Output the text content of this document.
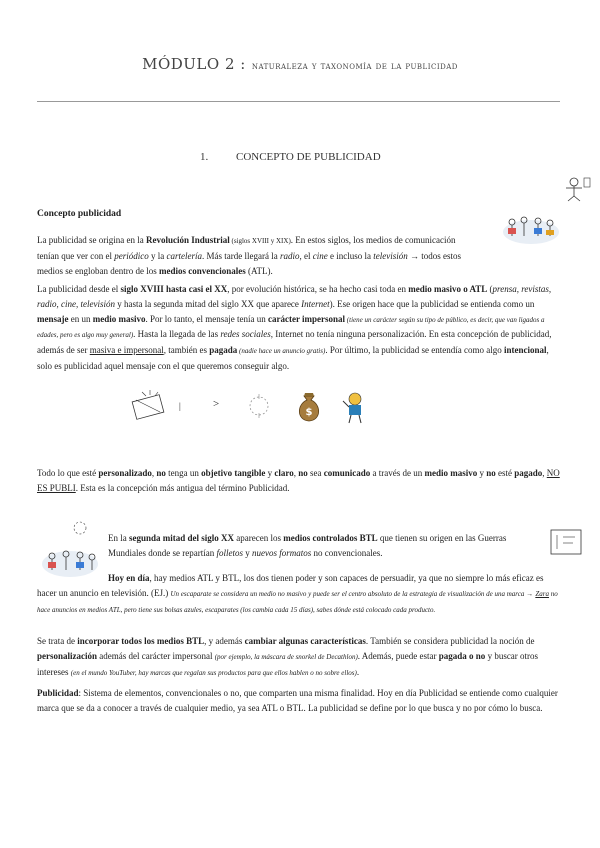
MÓDULO 2 : naturaleza y taxonomía de la publicidad
1.	CONCEPTO DE PUBLICIDAD
Concepto publicidad
La publicidad se origina en la Revolución Industrial (siglos XVIII y XIX). En estos siglos, los medios de comunicación tenían que ver con el periódico y la cartelería. Más tarde llegará la radio, el cine e incluso la televisión → todos estos medios se engloban dentro de los medios convencionales (ATL).
La publicidad desde el siglo XVIII hasta casi el XX, por evolución histórica, se ha hecho casi toda en medio masivo o ATL (prensa, revistas, radio, cine, televisión y hasta la segunda mitad del siglo XX que aparece Internet). Ese origen hace que la publicidad se entienda como un mensaje en un medio masivo. Por lo tanto, el mensaje tenía un carácter impersonal (tiene un carácter según su tipo de público, es decir, que van ligados a edades, pero es algo muy general). Hasta la llegada de las redes sociales, Internet no tenía ninguna personalización. En esta concepción de publicidad, además de ser masiva e impersonal, también es pagada (nadie hace un anuncio gratis). Por último, la publicidad se entendía como algo intencional, solo es publicidad aquel mensaje con el que queremos conseguir algo.
|	>
$
Todo lo que esté personalizado, no tenga un objetivo tangible y claro, no sea comunicado a través de un medio masivo y no esté pagado, NO ES PUBLI. Esta es la concepción más antigua del término Publicidad.
En la segunda mitad del siglo XX aparecen los medios controlados BTL que tienen su origen en las Guerras Mundiales donde se repartían folletos y nuevos formatos no convencionales.
Hoy en día, hay medios ATL y BTL, los dos tienen poder y son capaces de persuadir, ya que no siempre lo más eficaz es hacer un anuncio en televisión. (EJ.) Un escaparate se considera un medio no masivo y puede ser el centro absoluto de la estrategia de visualización de una marca → Zara no hace anuncios en medios ATL, pero tiene sus bolsas azules, escaparates (los cambia cada 15 días), sabes dónde está colocado cada producto.
Se trata de incorporar todos los medios BTL, y además cambiar algunas características. También se considera publicidad la noción de personalización además del carácter impersonal (por ejemplo, la máscara de snorkel de Decathlon). Además, puede estar pagada o no y buscar otros intereses (en el mundo YouTuber, hay marcas que regalan sus productos para que ellos hablen o no sobre ellos).
Publicidad: Sistema de elementos, convencionales o no, que comparten una misma finalidad. Hoy en día Publicidad se entiende como cualquier marca que se da a conocer a través de cualquier medio, ya sea ATL o BTL. La publicidad se define por lo que busca y no por cómo lo busca.
